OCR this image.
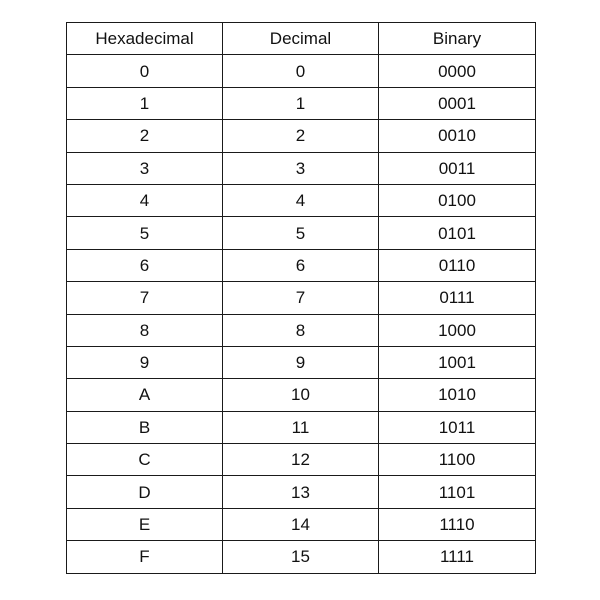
Hexadecimal	Decimal	Binary
0	0	0000
1	1	0001
2	2	0010
3	3	0011
4	4	0100
5	5	0101
6	6	0110
7	7	0111
8	8	1000
9	9	1001
A	10	1010
B	11	1011
C	12	1100
D	13	1101
E	14	1110
F	15	1111
